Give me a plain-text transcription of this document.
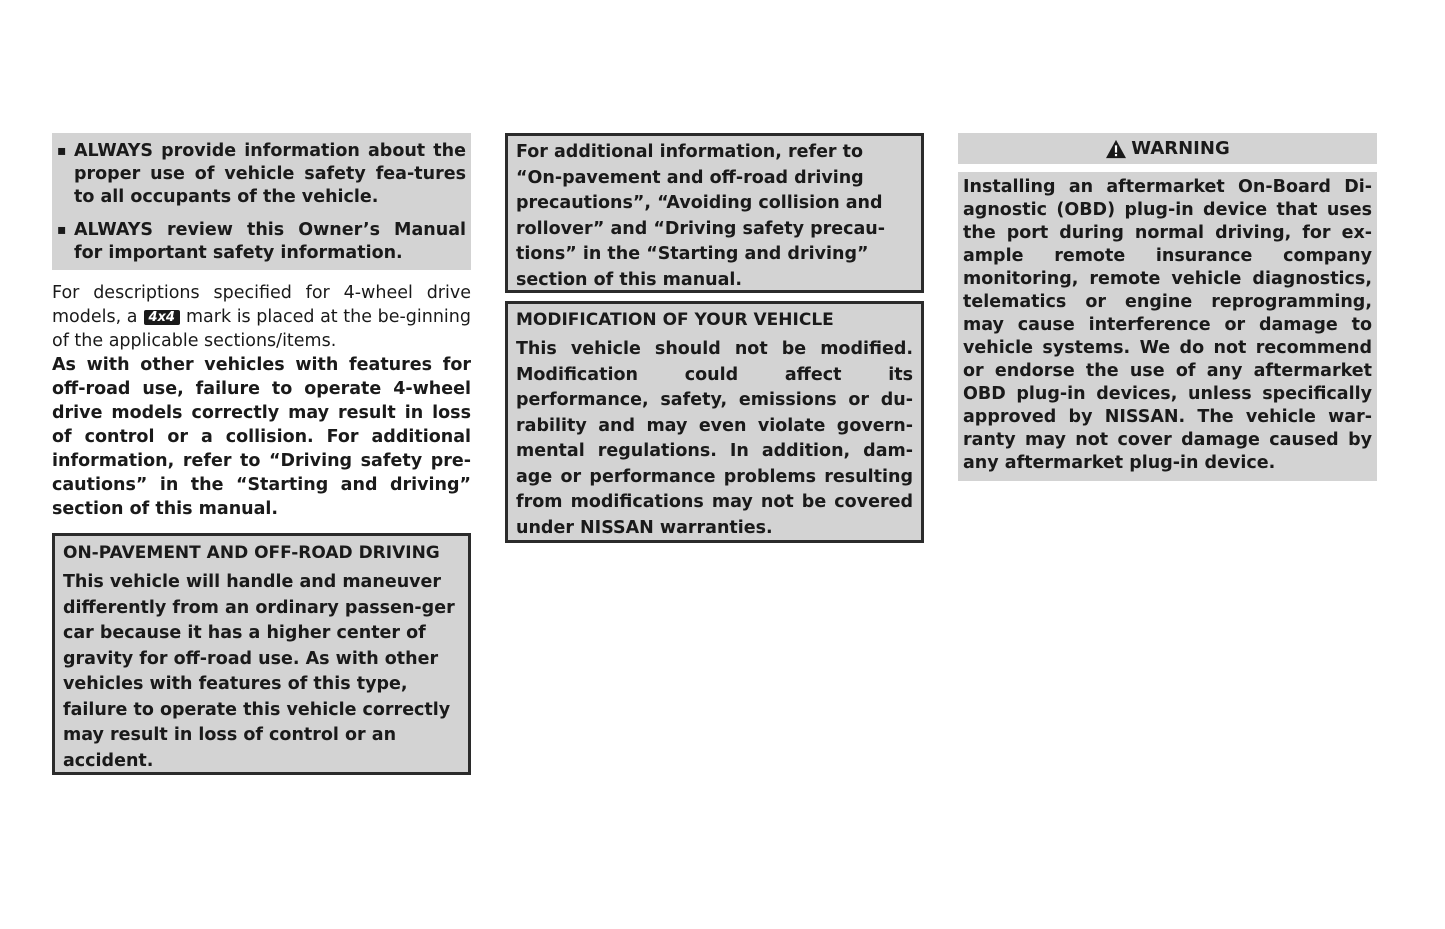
▪ ALWAYS provide information about the proper use of vehicle safety fea-tures to all occupants of the vehicle.
▪ ALWAYS review this Owner’s Manual for important safety information.
For descriptions specified for 4-wheel drive models, a 4x4 mark is placed at the be-ginning of the applicable sections/items.
As with other vehicles with features for off-road use, failure to operate 4-wheel drive models correctly may result in loss of control or a collision. For additional information, refer to “Driving safety pre-cautions” in the “Starting and driving” section of this manual.
ON-PAVEMENT AND OFF-ROAD DRIVING
This vehicle will handle and maneuver differently from an ordinary passen-ger car because it has a higher center of gravity for off-road use. As with other vehicles with features of this type, failure to operate this vehicle correctly may result in loss of control or an accident.
For additional information, refer to “On-pavement and off-road driving precautions”, “Avoiding collision and rollover” and “Driving safety precau-tions” in the “Starting and driving” section of this manual.
MODIFICATION OF YOUR VEHICLE
This vehicle should not be modified. Modification could affect its performance, safety, emissions or du-rability and may even violate govern-mental regulations. In addition, dam-age or performance problems resulting from modifications may not be covered under NISSAN warranties.
WARNING
Installing an aftermarket On-Board Di-agnostic (OBD) plug-in device that uses the port during normal driving, for ex-ample remote insurance company monitoring, remote vehicle diagnostics, telematics or engine reprogramming, may cause interference or damage to vehicle systems. We do not recommend or endorse the use of any aftermarket OBD plug-in devices, unless specifically approved by NISSAN. The vehicle war-ranty may not cover damage caused by any aftermarket plug-in device.
